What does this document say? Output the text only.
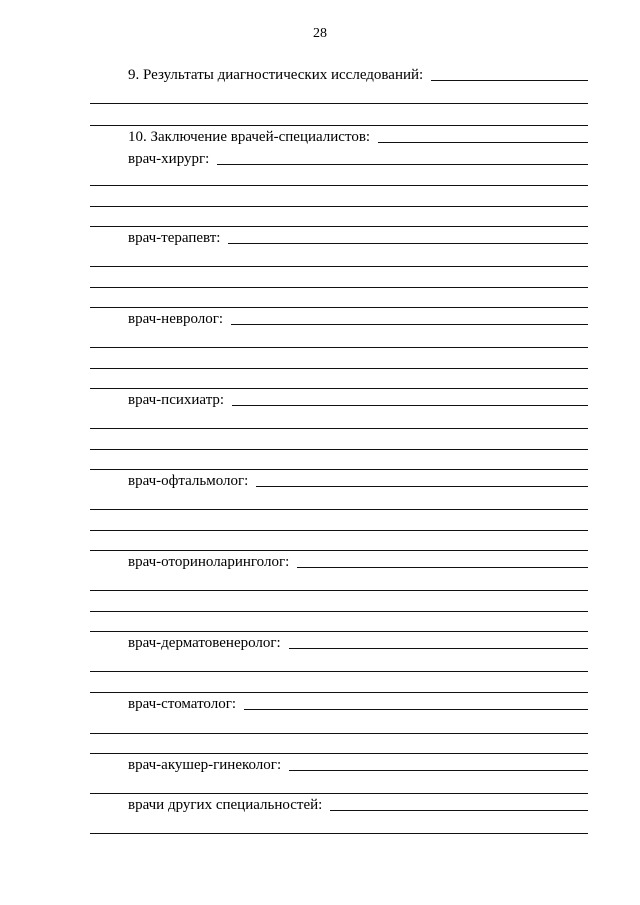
28
9. Результаты диагностических исследований:
10. Заключение врачей-специалистов:
врач-хирург:
врач-терапевт:
врач-невролог:
врач-психиатр:
врач-офтальмолог:
врач-оториноларинголог:
врач-дерматовенеролог:
врач-стоматолог:
врач-акушер-гинеколог:
врачи других специальностей:
